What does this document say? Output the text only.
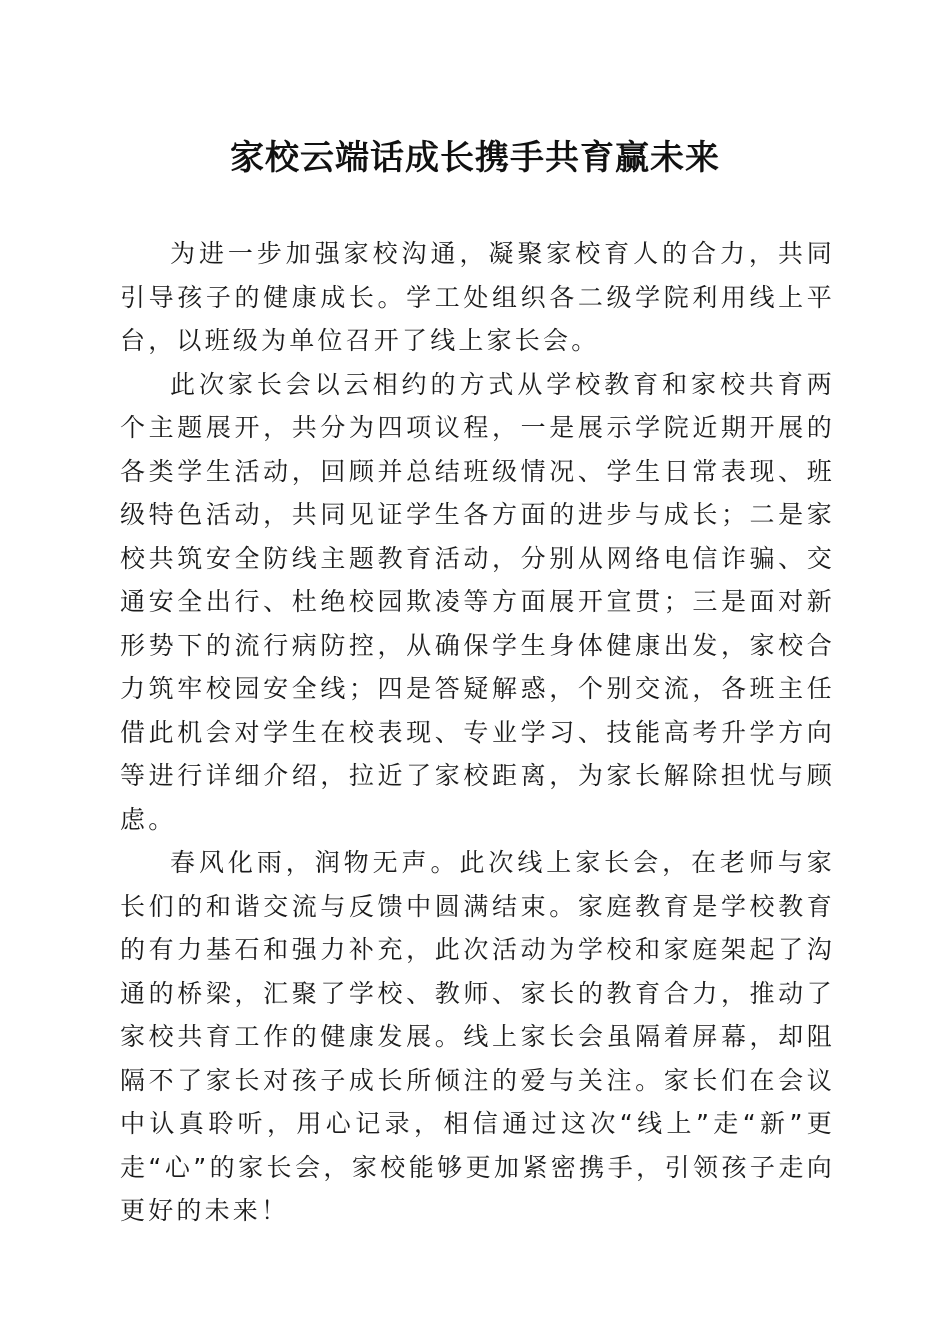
家校云端话成长携手共育赢未来

为进一步加强家校沟通，凝聚家校育人的合力，共同引导孩子的健康成长。学工处组织各二级学院利用线上平台，以班级为单位召开了线上家长会。

此次家长会以云相约的方式从学校教育和家校共育两个主题展开，共分为四项议程，一是展示学院近期开展的各类学生活动，回顾并总结班级情况、学生日常表现、班级特色活动，共同见证学生各方面的进步与成长；二是家校共筑安全防线主题教育活动，分别从网络电信诈骗、交通安全出行、杜绝校园欺凌等方面展开宣贯；三是面对新形势下的流行病防控，从确保学生身体健康出发，家校合力筑牢校园安全线；四是答疑解惑，个别交流，各班主任借此机会对学生在校表现、专业学习、技能高考升学方向等进行详细介绍，拉近了家校距离，为家长解除担忧与顾虑。

春风化雨，润物无声。此次线上家长会，在老师与家长们的和谐交流与反馈中圆满结束。家庭教育是学校教育的有力基石和强力补充，此次活动为学校和家庭架起了沟通的桥梁，汇聚了学校、教师、家长的教育合力，推动了家校共育工作的健康发展。线上家长会虽隔着屏幕，却阻隔不了家长对孩子成长所倾注的爱与关注。家长们在会议中认真聆听，用心记录，相信通过这次“线上”走“新”更走“心”的家长会，家校能够更加紧密携手，引领孩子走向更好的未来！
